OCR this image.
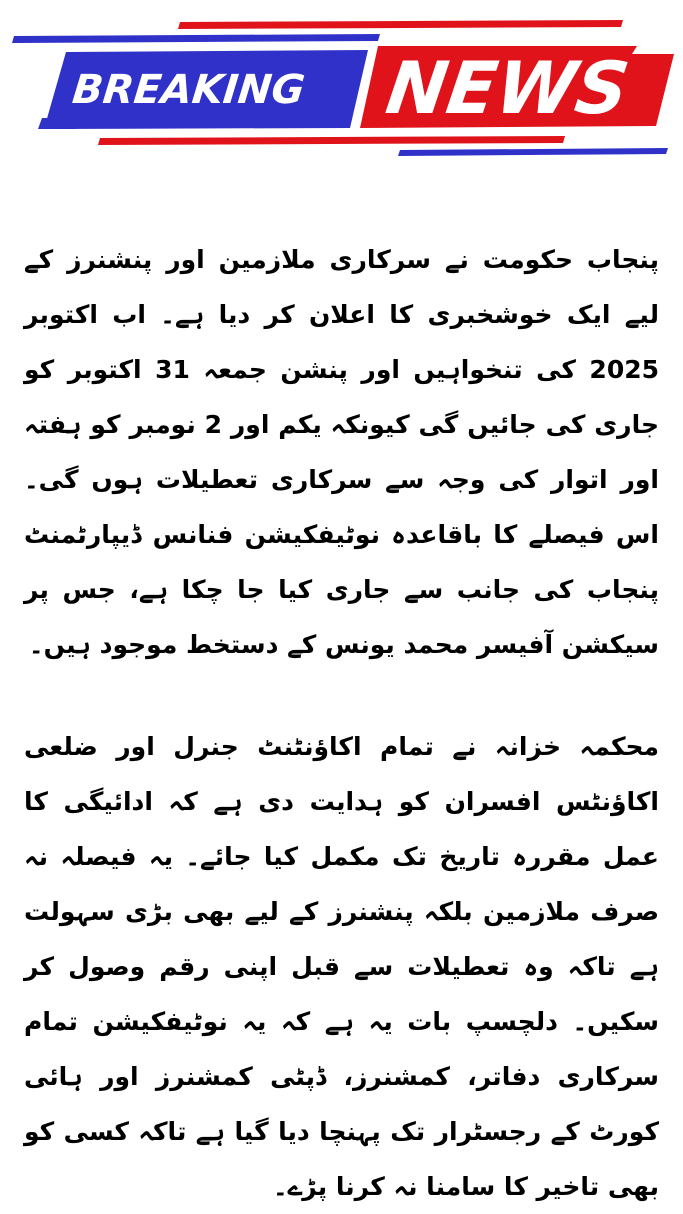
BREAKING NEWS

پنجاب حکومت نے سرکاری ملازمین اور پنشنرز کے لیے ایک خوشخبری کا اعلان کر دیا ہے۔ اب اکتوبر 2025 کی تنخواہیں اور پنشن جمعہ 31 اکتوبر کو جاری کی جائیں گی کیونکہ یکم اور 2 نومبر کو ہفتہ اور اتوار کی وجہ سے سرکاری تعطیلات ہوں گی۔ اس فیصلے کا باقاعدہ نوٹیفکیشن فنانس ڈیپارٹمنٹ پنجاب کی جانب سے جاری کیا جا چکا ہے، جس پر سیکشن آفیسر محمد یونس کے دستخط موجود ہیں۔

محکمہ خزانہ نے تمام اکاؤنٹنٹ جنرل اور ضلعی اکاؤنٹس افسران کو ہدایت دی ہے کہ ادائیگی کا عمل مقررہ تاریخ تک مکمل کیا جائے۔ یہ فیصلہ نہ صرف ملازمین بلکہ پنشنرز کے لیے بھی بڑی سہولت ہے تاکہ وہ تعطیلات سے قبل اپنی رقم وصول کر سکیں۔ دلچسپ بات یہ ہے کہ یہ نوٹیفکیشن تمام سرکاری دفاتر، کمشنرز، ڈپٹی کمشنرز اور ہائی کورٹ کے رجسٹرار تک پہنچا دیا گیا ہے تاکہ کسی کو بھی تاخیر کا سامنا نہ کرنا پڑے۔
